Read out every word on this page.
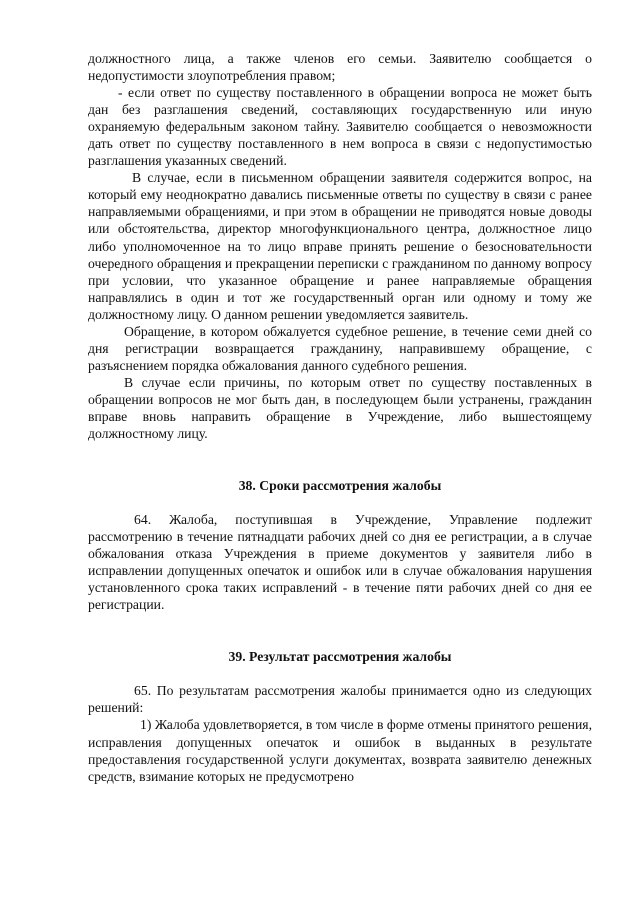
должностного лица, а также членов его семьи. Заявителю сообщается о недопустимости злоупотребления правом;

- если ответ по существу поставленного в обращении вопроса не может быть дан без разглашения сведений, составляющих государственную или иную охраняемую федеральным законом тайну. Заявителю сообщается о невозможности дать ответ по существу поставленного в нем вопроса в связи с недопустимостью разглашения указанных сведений.

В случае, если в письменном обращении заявителя содержится вопрос, на который ему неоднократно давались письменные ответы по существу в связи с ранее направляемыми обращениями, и при этом в обращении не приводятся новые доводы или обстоятельства, директор многофункционального центра, должностное лицо либо уполномоченное на то лицо вправе принять решение о безосновательности очередного обращения и прекращении переписки с гражданином по данному вопросу при условии, что указанное обращение и ранее направляемые обращения направлялись в один и тот же государственный орган или одному и тому же должностному лицу. О данном решении уведомляется заявитель.

Обращение, в котором обжалуется судебное решение, в течение семи дней со дня регистрации возвращается гражданину, направившему обращение, с разъяснением порядка обжалования данного судебного решения.

В случае если причины, по которым ответ по существу поставленных в обращении вопросов не мог быть дан, в последующем были устранены, гражданин вправе вновь направить обращение в Учреждение, либо вышестоящему должностному лицу.

38. Сроки рассмотрения жалобы

64. Жалоба, поступившая в Учреждение, Управление подлежит рассмотрению в течение пятнадцати рабочих дней со дня ее регистрации, а в случае обжалования отказа Учреждения в приеме документов у заявителя либо в исправлении допущенных опечаток и ошибок или в случае обжалования нарушения установленного срока таких исправлений - в течение пяти рабочих дней со дня ее регистрации.

39. Результат рассмотрения жалобы

65. По результатам рассмотрения жалобы принимается одно из следующих решений:

1) Жалоба удовлетворяется, в том числе в форме отмены принятого решения, исправления допущенных опечаток и ошибок в выданных в результате предоставления государственной услуги документах, возврата заявителю денежных средств, взимание которых не предусмотрено
